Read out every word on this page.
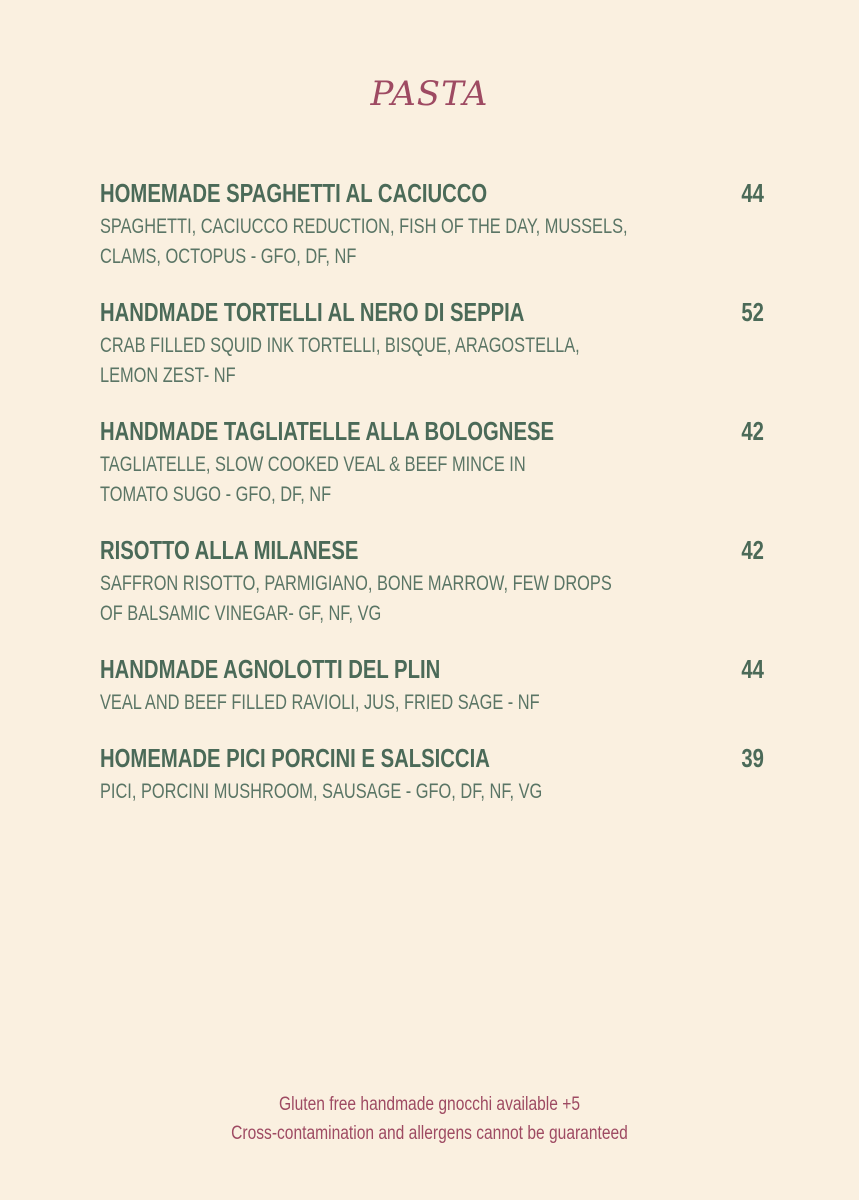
PASTA
HOMEMADE SPAGHETTI AL CACIUCCO	44
SPAGHETTI, CACIUCCO REDUCTION, FISH OF THE DAY, MUSSELS,
CLAMS, OCTOPUS - GFO, DF, NF
HANDMADE TORTELLI AL NERO DI SEPPIA	52
CRAB FILLED SQUID INK TORTELLI, BISQUE, ARAGOSTELLA,
LEMON ZEST- NF
HANDMADE TAGLIATELLE ALLA BOLOGNESE	42
TAGLIATELLE, SLOW COOKED VEAL & BEEF MINCE IN
TOMATO SUGO - GFO, DF, NF
RISOTTO ALLA MILANESE	42
SAFFRON RISOTTO, PARMIGIANO, BONE MARROW, FEW DROPS
OF BALSAMIC VINEGAR- GF, NF, VG
HANDMADE AGNOLOTTI DEL PLIN	44
VEAL AND BEEF FILLED RAVIOLI, JUS, FRIED SAGE - NF
HOMEMADE PICI PORCINI E SALSICCIA	39
PICI, PORCINI MUSHROOM, SAUSAGE - GFO, DF, NF, VG
Gluten free handmade gnocchi available +5
Cross-contamination and allergens cannot be guaranteed
